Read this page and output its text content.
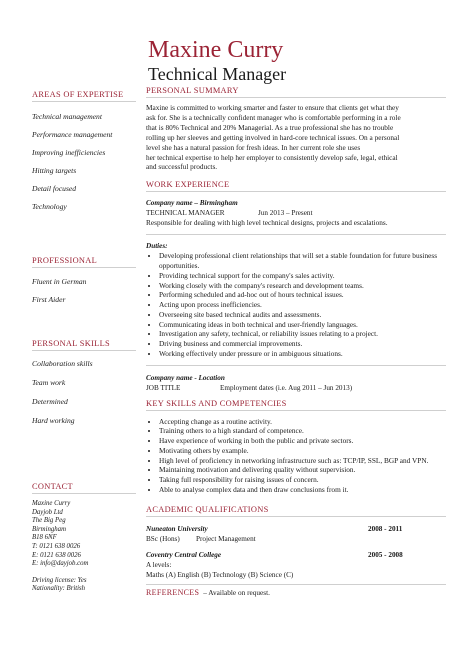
Maxine Curry
Technical Manager
AREAS OF EXPERTISE
Technical management
Performance management
Improving inefficiencies
Hitting targets
Detail focused
Technology
PROFESSIONAL
Fluent in German
First Aider
PERSONAL SKILLS
Collaboration skills
Team work
Determined
Hard working
CONTACT
Maxine Curry
Dayjob Ltd
The Big Peg
Birmingham
B18 6NF
T: 0121 638 0026
E: 0121 638 0026
E: info@dayjob.com
Driving license: Yes
Nationality: British
PERSONAL SUMMARY
Maxine is committed to working smarter and faster to ensure that clients get what they
ask for. She is a technically confident manager who is comfortable performing in a role
that is 80% Technical and 20% Managerial. As a true professional she has no trouble
rolling up her sleeves and getting involved in hard-core technical issues. On a personal
level she has a natural passion for fresh ideas. In her current role she uses
her technical expertise to help her employer to consistently develop safe, legal, ethical
and successful products.
WORK EXPERIENCE
Company name – Birmingham
TECHNICAL MANAGER	Jun 2013 – Present
Responsible for dealing with high level technical designs, projects and escalations.
Duties:
• Developing professional client relationships that will set a stable foundation for future business opportunities.
• Providing technical support for the company's sales activity.
• Working closely with the company's research and development teams.
• Performing scheduled and ad-hoc out of hours technical issues.
• Acting upon process inefficiencies.
• Overseeing site based technical audits and assessments.
• Communicating ideas in both technical and user-friendly languages.
• Investigation any safety, technical, or reliability issues relating to a project.
• Driving business and commercial improvements.
• Working effectively under pressure or in ambiguous situations.
Company name - Location
JOB TITLE	Employment dates (i.e. Aug 2011 – Jun 2013)
KEY SKILLS AND COMPETENCIES
• Accepting change as a routine activity.
• Training others to a high standard of competence.
• Have experience of working in both the public and private sectors.
• Motivating others by example.
• High level of proficiency in networking infrastructure such as: TCP/IP, SSL, BGP and VPN.
• Maintaining motivation and delivering quality without supervision.
• Taking full responsibility for raising issues of concern.
• Able to analyse complex data and then draw conclusions from it.
ACADEMIC QUALIFICATIONS
Nuneaton University	2008 - 2011
BSc (Hons) Project Management
Coventry Central College	2005 - 2008
A levels:
Maths (A) English (B) Technology (B) Science (C)
REFERENCES – Available on request.
